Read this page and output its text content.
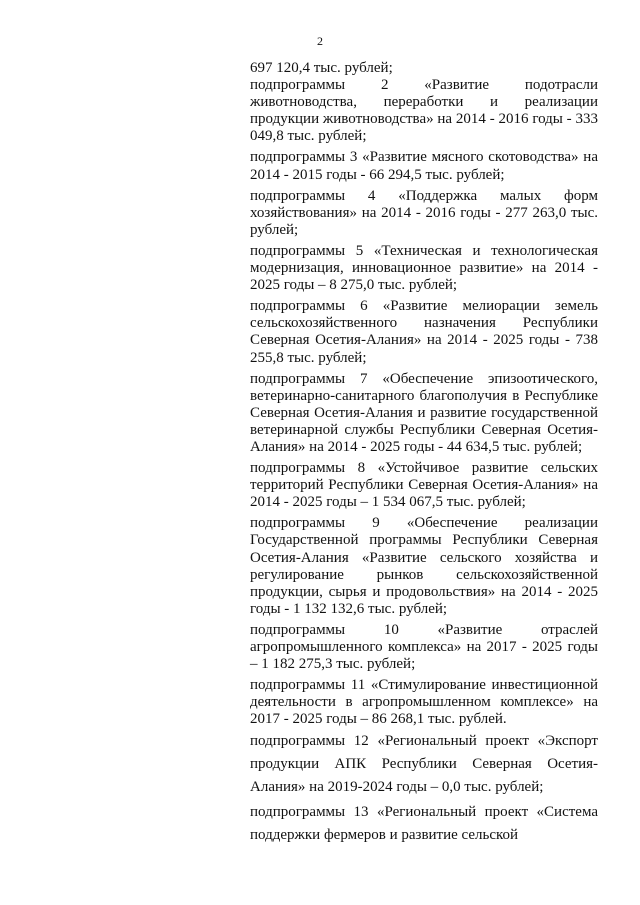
2
697 120,4 тыс. рублей;
подпрограммы 2 «Развитие подотрасли животноводства, переработки и реализации продукции животноводства» на 2014 - 2016 годы - 333 049,8 тыс. рублей;
подпрограммы 3 «Развитие мясного скотоводства» на 2014 - 2015 годы - 66 294,5 тыс. рублей;
подпрограммы 4 «Поддержка малых форм хозяйствования» на 2014 - 2016 годы - 277 263,0 тыс. рублей;
подпрограммы 5 «Техническая и технологическая модернизация, инновационное развитие» на 2014 - 2025 годы – 8 275,0 тыс. рублей;
подпрограммы 6 «Развитие мелиорации земель сельскохозяйственного назначения Республики Северная Осетия-Алания» на 2014 - 2025 годы - 738 255,8 тыс. рублей;
подпрограммы 7 «Обеспечение эпизоотического, ветеринарно-санитарного благополучия в Республике Северная Осетия-Алания и развитие государственной ветеринарной службы Республики Северная Осетия-Алания» на 2014 - 2025 годы - 44 634,5 тыс. рублей;
подпрограммы 8 «Устойчивое развитие сельских территорий Республики Северная Осетия-Алания» на 2014 - 2025 годы – 1 534 067,5 тыс. рублей;
подпрограммы 9 «Обеспечение реализации Государственной программы Республики Северная Осетия-Алания «Развитие сельского хозяйства и регулирование рынков сельскохозяйственной продукции, сырья и продовольствия» на 2014 - 2025 годы - 1 132 132,6 тыс. рублей;
подпрограммы 10 «Развитие отраслей агропромышленного комплекса» на 2017 - 2025 годы – 1 182 275,3 тыс. рублей;
подпрограммы 11 «Стимулирование инвестиционной деятельности в агропромышленном комплексе» на 2017 - 2025 годы – 86 268,1 тыс. рублей.
подпрограммы 12 «Региональный проект «Экспорт продукции АПК Республики Северная Осетия-Алания» на 2019-2024 годы – 0,0 тыс. рублей;
подпрограммы 13 «Региональный проект «Система поддержки фермеров и развитие сельской
